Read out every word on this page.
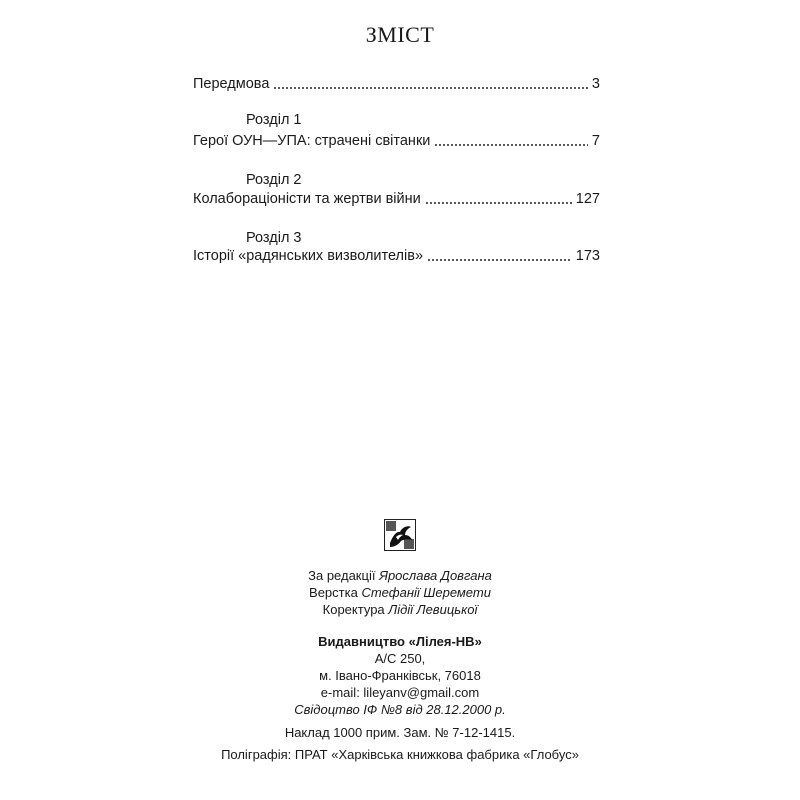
ЗМІСТ
Передмова	3
Розділ 1
Герої ОУН—УПА: страчені світанки	7
Розділ 2
Колабораціоністи та жертви війни	127
Розділ 3
Історії «радянських визволителів»	173
За редакції Ярослава Довгана
Верстка Стефанії Шеремети
Коректура Лідії Левицької
Видавництво «Лілея-НВ»
А/С 250,
м. Івано-Франківськ, 76018
e-mail: lileyanv@gmail.com
Свідоцтво ІФ №8 від 28.12.2000 р.
Наклад 1000 прим. Зам. № 7-12-1415.
Поліграфія: ПРАТ «Харківська книжкова фабрика «Глобус»
